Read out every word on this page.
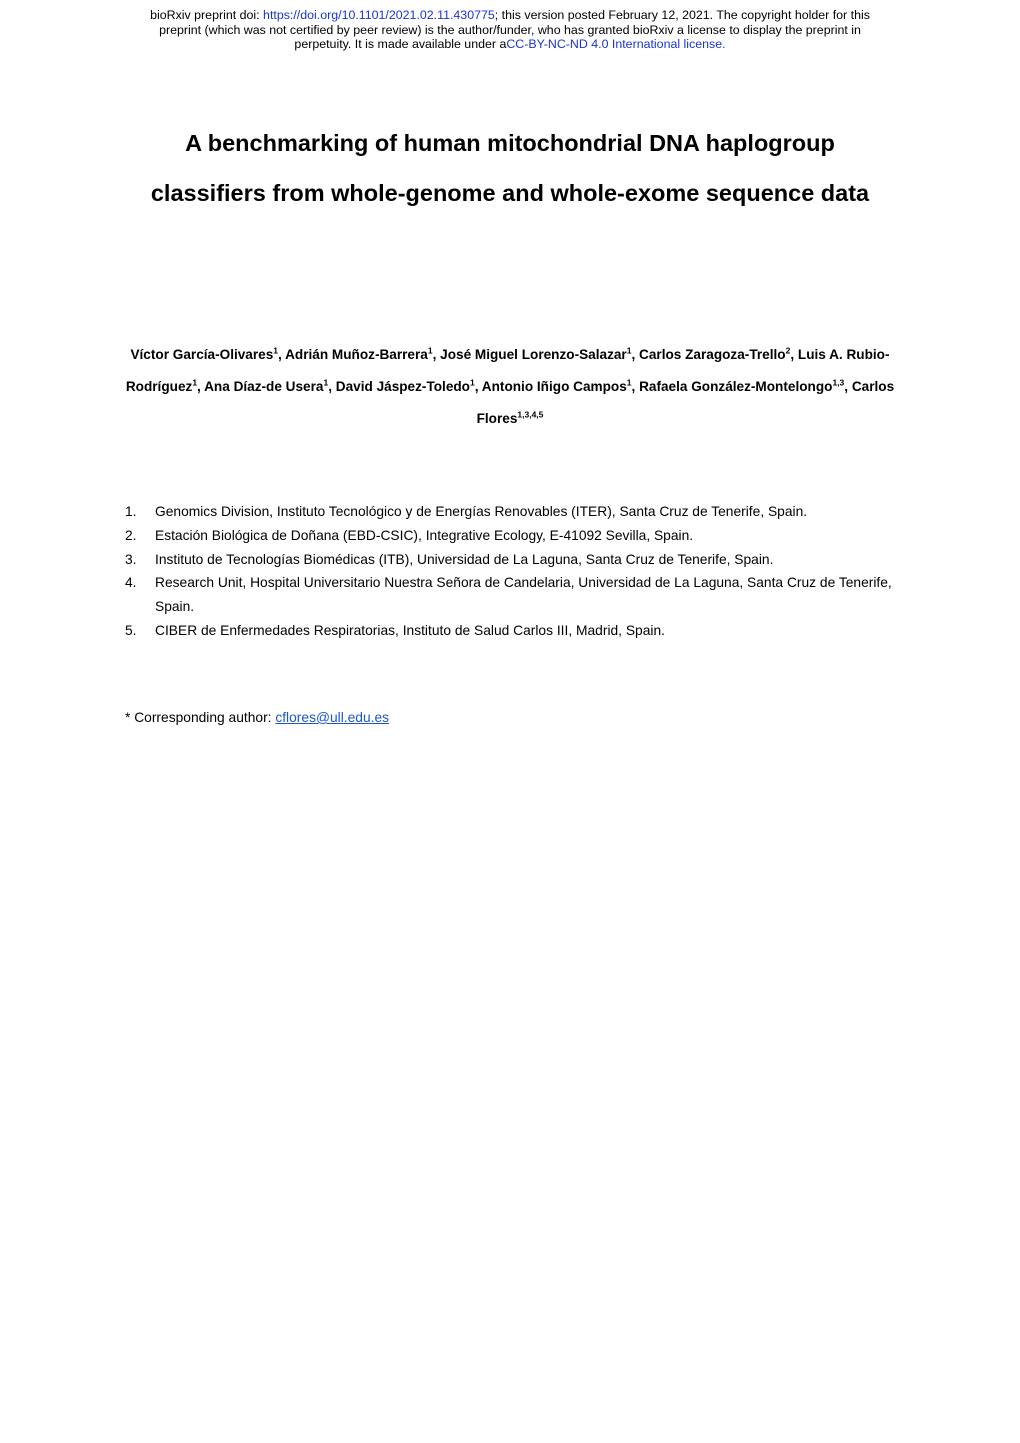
bioRxiv preprint doi: https://doi.org/10.1101/2021.02.11.430775; this version posted February 12, 2021. The copyright holder for this
preprint (which was not certified by peer review) is the author/funder, who has granted bioRxiv a license to display the preprint in
perpetuity. It is made available under aCC-BY-NC-ND 4.0 International license.
A benchmarking of human mitochondrial DNA haplogroup
classifiers from whole-genome and whole-exome sequence data
Víctor García-Olivares$^1$, Adrián Muñoz-Barrera$^1$, José Miguel Lorenzo-Salazar$^1$, Carlos Zaragoza-Trello$^2$, Luis A. Rubio-Rodríguez$^1$, Ana Díaz-de Usera$^1$, David Jáspez-Toledo$^1$, Antonio Iñigo Campos$^1$, Rafaela González-Montelongo$^{1,3}$, Carlos Flores$^{1,3,4,5}$
1. Genomics Division, Instituto Tecnológico y de Energías Renovables (ITER), Santa Cruz de Tenerife, Spain.
2. Estación Biológica de Doñana (EBD-CSIC), Integrative Ecology, E-41092 Sevilla, Spain.
3. Instituto de Tecnologías Biomédicas (ITB), Universidad de La Laguna, Santa Cruz de Tenerife, Spain.
4. Research Unit, Hospital Universitario Nuestra Señora de Candelaria, Universidad de La Laguna, Santa Cruz de Tenerife, Spain.
5. CIBER de Enfermedades Respiratorias, Instituto de Salud Carlos III, Madrid, Spain.
* Corresponding author: cflores@ull.edu.es
